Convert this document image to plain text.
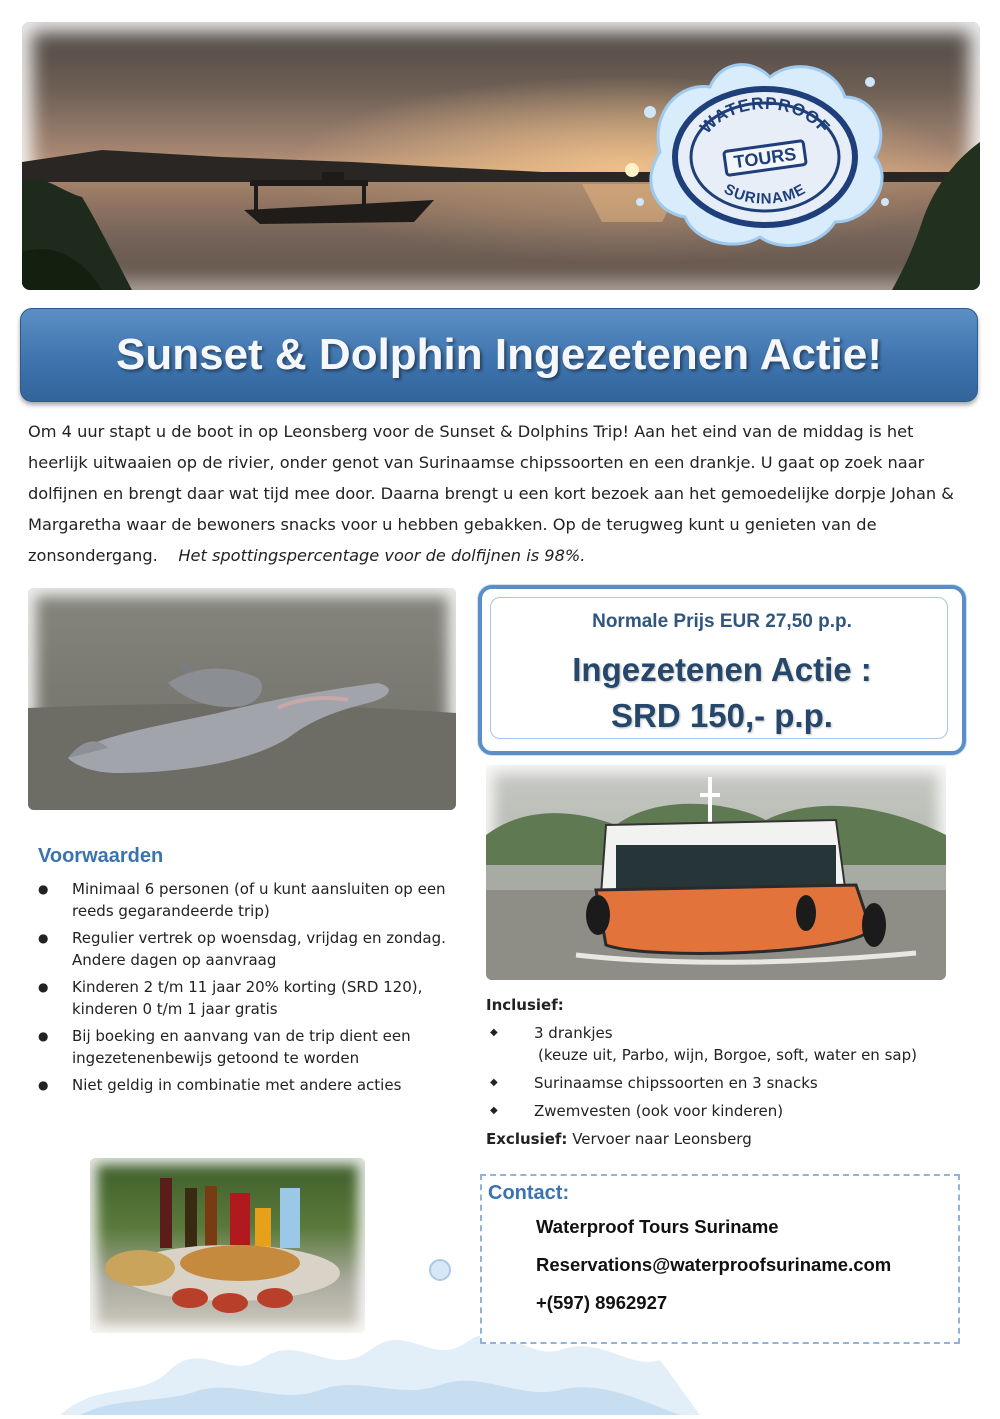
WATERPROOF
TOURS
SURINAME
Sunset & Dolphin Ingezetenen Actie!
Om 4 uur stapt u de boot in op Leonsberg voor de Sunset & Dolphins Trip! Aan het eind van de middag is het heerlijk uitwaaien op de rivier, onder genot van Surinaamse chipssoorten en een drankje. U gaat op zoek naar dolfijnen en brengt daar wat tijd mee door. Daarna brengt u een kort bezoek aan het gemoedelijke dorpje Johan & Margaretha waar de bewoners snacks voor u hebben gebakken. Op de terugweg kunt u genieten van de zonsondergang. Het spottingspercentage voor de dolfijnen is 98%.
Normale Prijs EUR 27,50 p.p.
Ingezetenen Actie :
SRD 150,- p.p.
Voorwaarden
● Minimaal 6 personen (of u kunt aansluiten op een reeds gegarandeerde trip)
● Regulier vertrek op woensdag, vrijdag en zondag. Andere dagen op aanvraag
● Kinderen 2 t/m 11 jaar 20% korting (SRD 120), kinderen 0 t/m 1 jaar gratis
● Bij boeking en aanvang van de trip dient een ingezetenenbewijs getoond te worden
● Niet geldig in combinatie met andere acties
Inclusief:
◆ 3 drankjes
(keuze uit, Parbo, wijn, Borgoe, soft, water en sap)
◆ Surinaamse chipssoorten en 3 snacks
◆ Zwemvesten (ook voor kinderen)
Exclusief: Vervoer naar Leonsberg
Contact:
Waterproof Tours Suriname
Reservations@waterproofsuriname.com
+(597) 8962927
